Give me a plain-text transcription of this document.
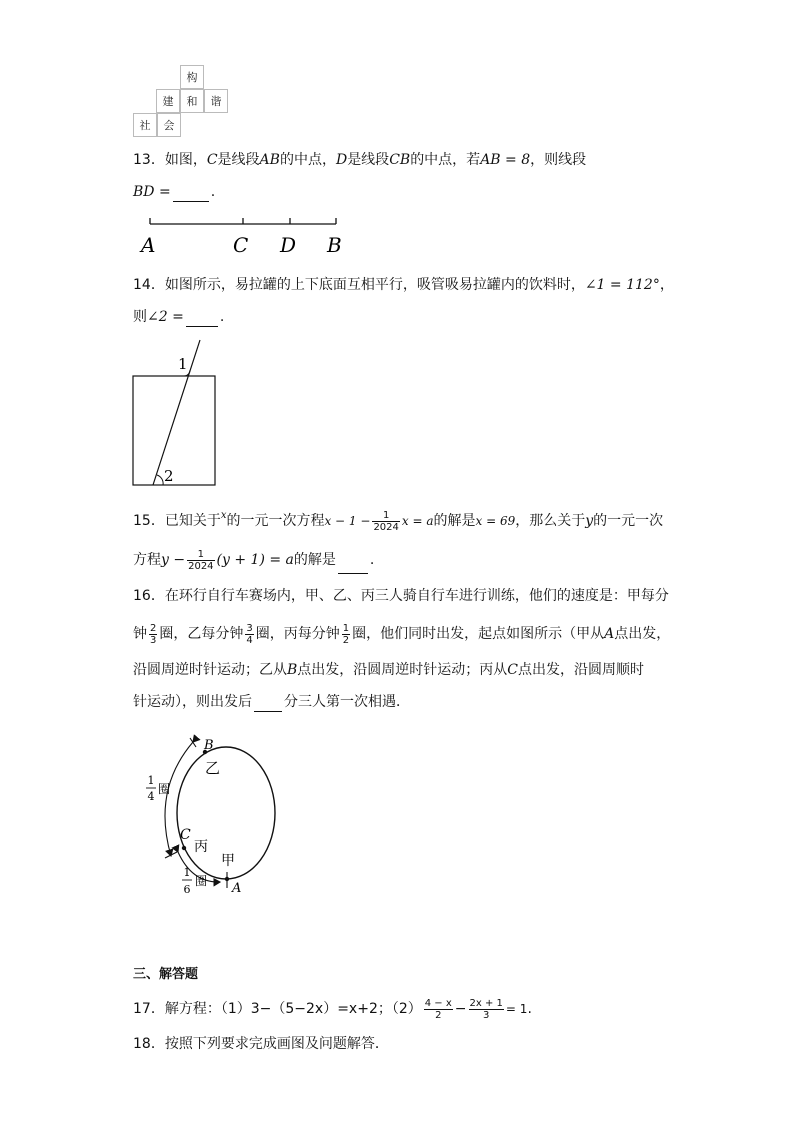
构
建	和	谐
社	会
13．如图，C是线段AB的中点，D是线段CB的中点，若AB = 8，则线段
BD =	.
A	C D B
14．如图所示，易拉罐的上下底面互相平行，吸管吸易拉罐内的饮料时，∠1 = 112°，
则∠2 =	.
1
2
15．已知关于$^x$的一元一次方程$x - 1 - \frac{1}{2024}$ x = a的解是x = 69，那么关于y的一元一次
方程$y - \frac{1}{2024} (y + 1) = a$的解是 .
16．在环行自行车赛场内，甲、乙、丙三人骑自行车进行训练，他们的速度是：甲每分
钟 $\frac{2}{3}$ 圈，乙每分钟 $\frac{3}{4}$ 圈，丙每分钟 $\frac{1}{2}$ 圈，他们同时出发，起点如图所示（甲从A点出发，
沿圆周逆时针运动；乙从B点出发，沿圆周逆时针运动；丙从C点出发，沿圆周顺时
针运动），则出发后 分三人第一次相遇．
B
乙
C
丙
甲
A
1
4
圈
1
6
圈
三、解答题
17．解方程：（1）3−（5−2x）=x+2；$(2) \frac{4 - x}{2} - \frac{2x + 1}{3} = 1$.
18．按照下列要求完成画图及问题解答．
